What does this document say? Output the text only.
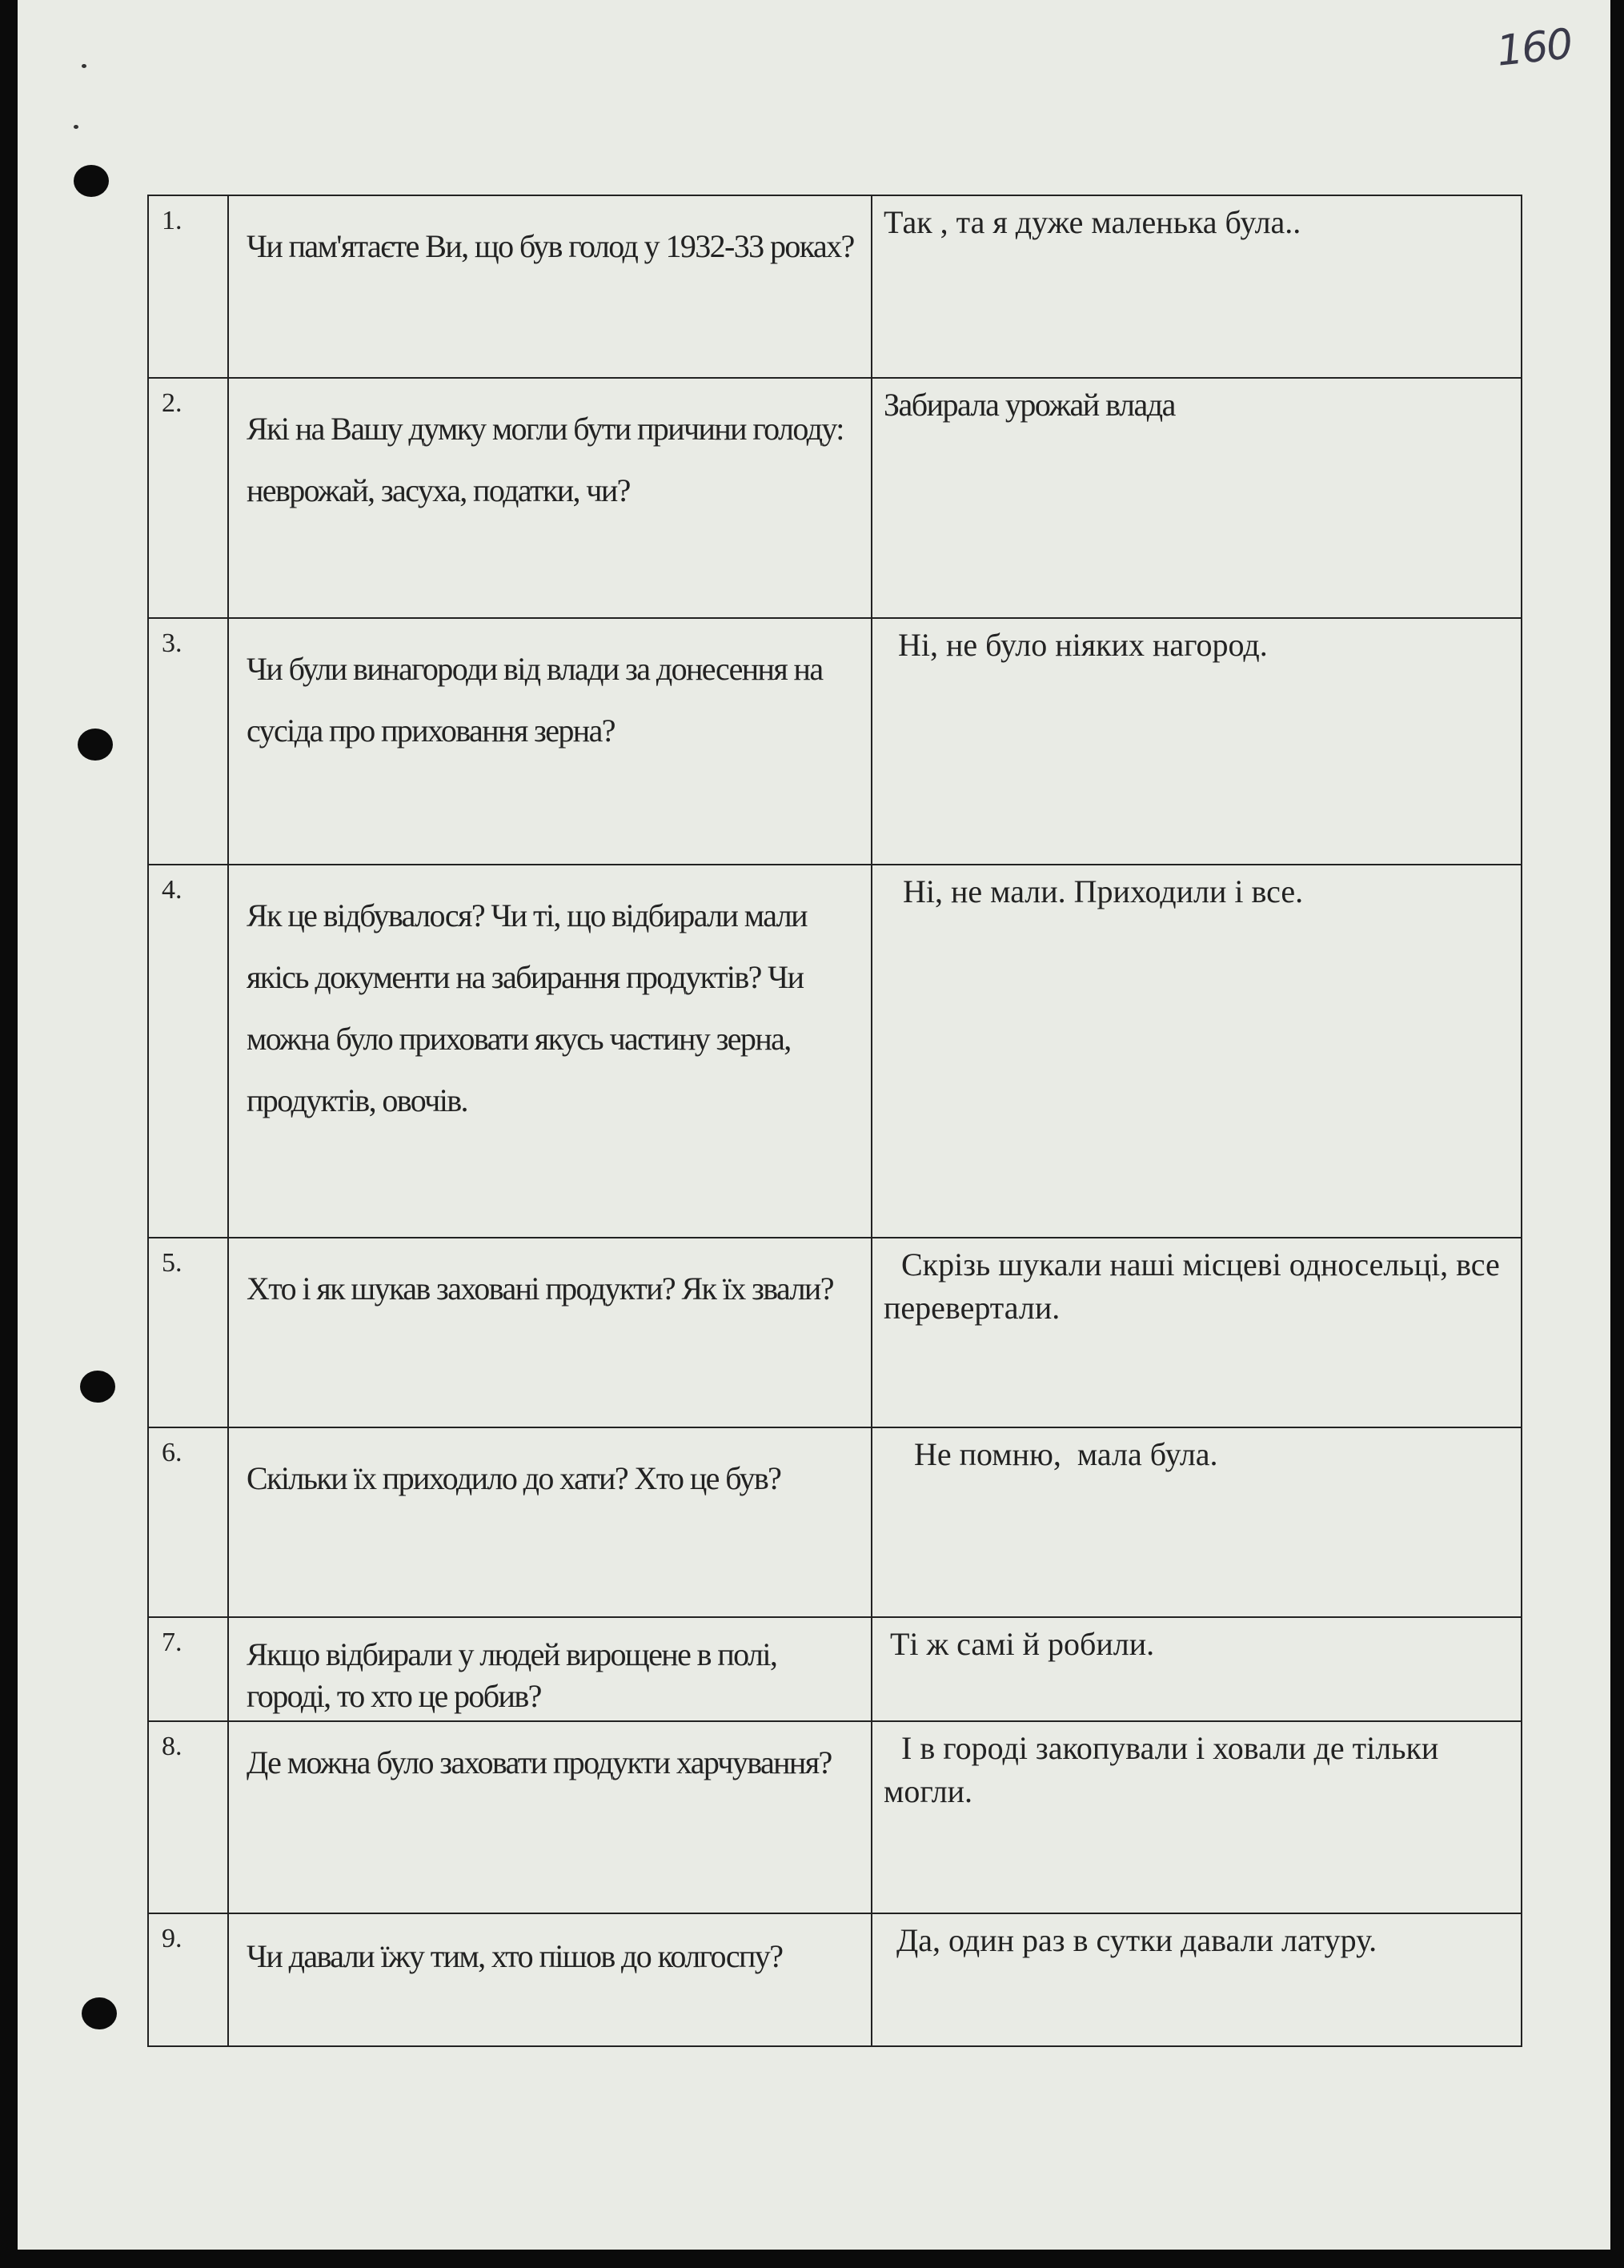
160
1.	Чи пам'ятаєте Ви, що був голод у 1932-33 роках?	Так , та я дуже маленька була..
2.	Які на Вашу думку могли бути причини голоду: неврожай, засуха, податки, чи?	Забирала урожай влада
3.	Чи були винагороди від влади за донесення на сусіда про приховання зерна?	Ні, не було ніяких нагород.
4.	Як це відбувалося? Чи ті, що відбирали мали якісь документи на забирання продуктів? Чи можна було приховати якусь частину зерна, продуктів, овочів.	Ні, не мали. Приходили і все.
5.	Хто і як шукав заховані продукти? Як їх звали?	Скрізь шукали наші місцеві односельці, все перевертали.
6.	Скільки їх приходило до хати? Хто це був?	Не помню,  мала була.
7.	Якщо відбирали у людей вирощене в полі, городі, то хто це робив?	Ті ж самі й робили.
8.	Де можна було заховати продукти харчування?	І в городі закопували і ховали де тільки могли.
9.	Чи давали їжу тим, хто пішов до колгоспу?	Да, один раз в сутки давали латуру.
